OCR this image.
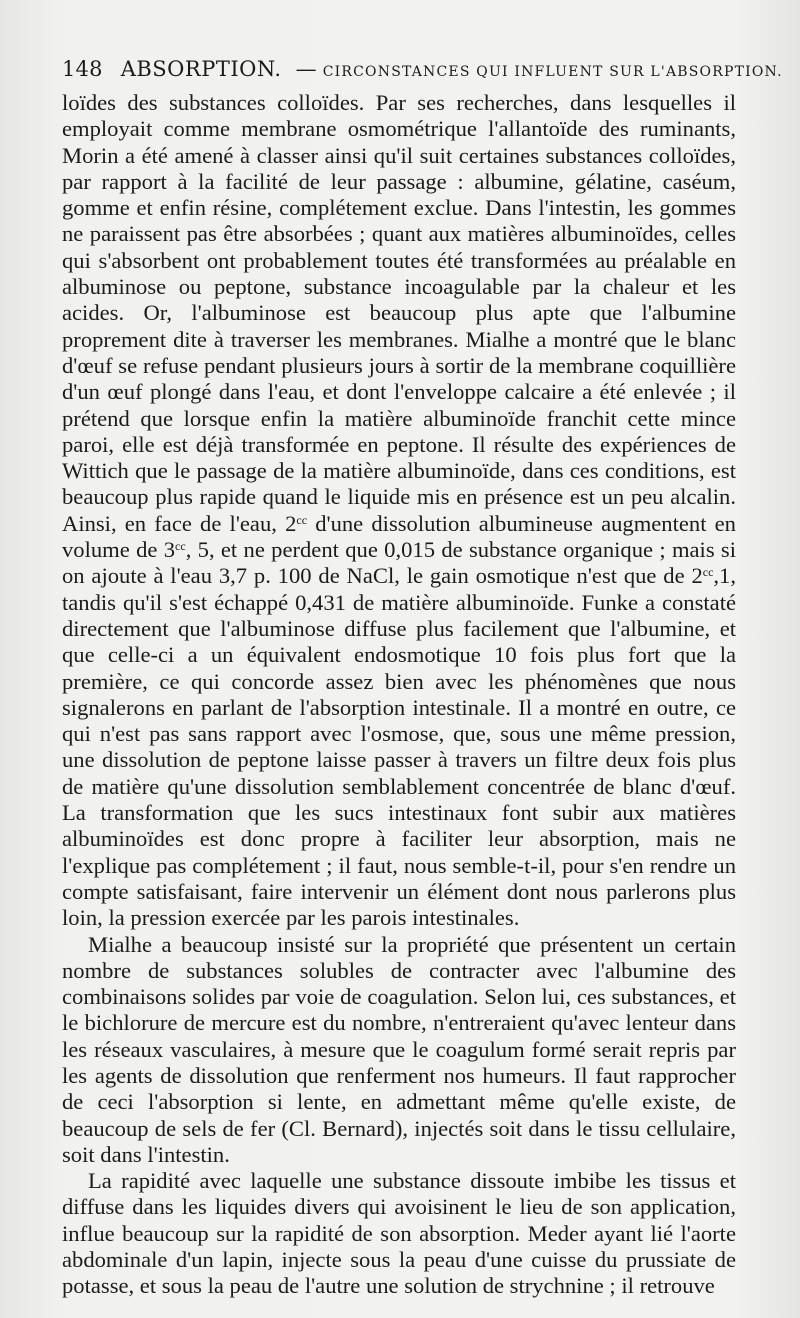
148 ABSORPTION. — CIRCONSTANCES QUI INFLUENT SUR L'ABSORPTION.

loïdes des substances colloïdes. Par ses recherches, dans lesquelles il employait comme membrane osmométrique l'allantoïde des ruminants, Morin a été amené à classer ainsi qu'il suit certaines substances colloïdes, par rapport à la facilité de leur passage : albumine, gélatine, caséum, gomme et enfin résine, complétement exclue. Dans l'intestin, les gommes ne paraissent pas être absorbées ; quant aux matières albuminoïdes, celles qui s'absorbent ont probablement toutes été transformées au préalable en albuminose ou peptone, substance incoagulable par la chaleur et les acides. Or, l'albuminose est beaucoup plus apte que l'albumine proprement dite à traverser les membranes. Mialhe a montré que le blanc d'œuf se refuse pendant plusieurs jours à sortir de la membrane coquillière d'un œuf plongé dans l'eau, et dont l'enveloppe calcaire a été enlevée ; il prétend que lorsque enfin la matière albuminoïde franchit cette mince paroi, elle est déjà transformée en peptone. Il résulte des expériences de Wittich que le passage de la matière albuminoïde, dans ces conditions, est beaucoup plus rapide quand le liquide mis en présence est un peu alcalin. Ainsi, en face de l'eau, $2^{cc}$ d'une dissolution albumineuse augmentent en volume de $3^{cc}$, 5, et ne perdent que 0,015 de substance organique ; mais si on ajoute à l'eau 3,7 p. 100 de NaCl, le gain osmotique n'est que de $2^{cc},1$, tandis qu'il s'est échappé 0,431 de matière albuminoïde. Funke a constaté directement que l'albuminose diffuse plus facilement que l'albumine, et que celle-ci a un équivalent endosmotique 10 fois plus fort que la première, ce qui concorde assez bien avec les phénomènes que nous signalerons en parlant de l'absorption intestinale. Il a montré en outre, ce qui n'est pas sans rapport avec l'osmose, que, sous une même pression, une dissolution de peptone laisse passer à travers un filtre deux fois plus de matière qu'une dissolution semblablement concentrée de blanc d'œuf. La transformation que les sucs intestinaux font subir aux matières albuminoïdes est donc propre à faciliter leur absorption, mais ne l'explique pas complétement ; il faut, nous semble-t-il, pour s'en rendre un compte satisfaisant, faire intervenir un élément dont nous parlerons plus loin, la pression exercée par les parois intestinales.

Mialhe a beaucoup insisté sur la propriété que présentent un certain nombre de substances solubles de contracter avec l'albumine des combinaisons solides par voie de coagulation. Selon lui, ces substances, et le bichlorure de mercure est du nombre, n'entreraient qu'avec lenteur dans les réseaux vasculaires, à mesure que le coagulum formé serait repris par les agents de dissolution que renferment nos humeurs. Il faut rapprocher de ceci l'absorption si lente, en admettant même qu'elle existe, de beaucoup de sels de fer (Cl. Bernard), injectés soit dans le tissu cellulaire, soit dans l'intestin.

La rapidité avec laquelle une substance dissoute imbibe les tissus et diffuse dans les liquides divers qui avoisinent le lieu de son application, influe beaucoup sur la rapidité de son absorption. Meder ayant lié l'aorte abdominale d'un lapin, injecte sous la peau d'une cuisse du prussiate de potasse, et sous la peau de l'autre une solution de strychnine ; il retrouve
